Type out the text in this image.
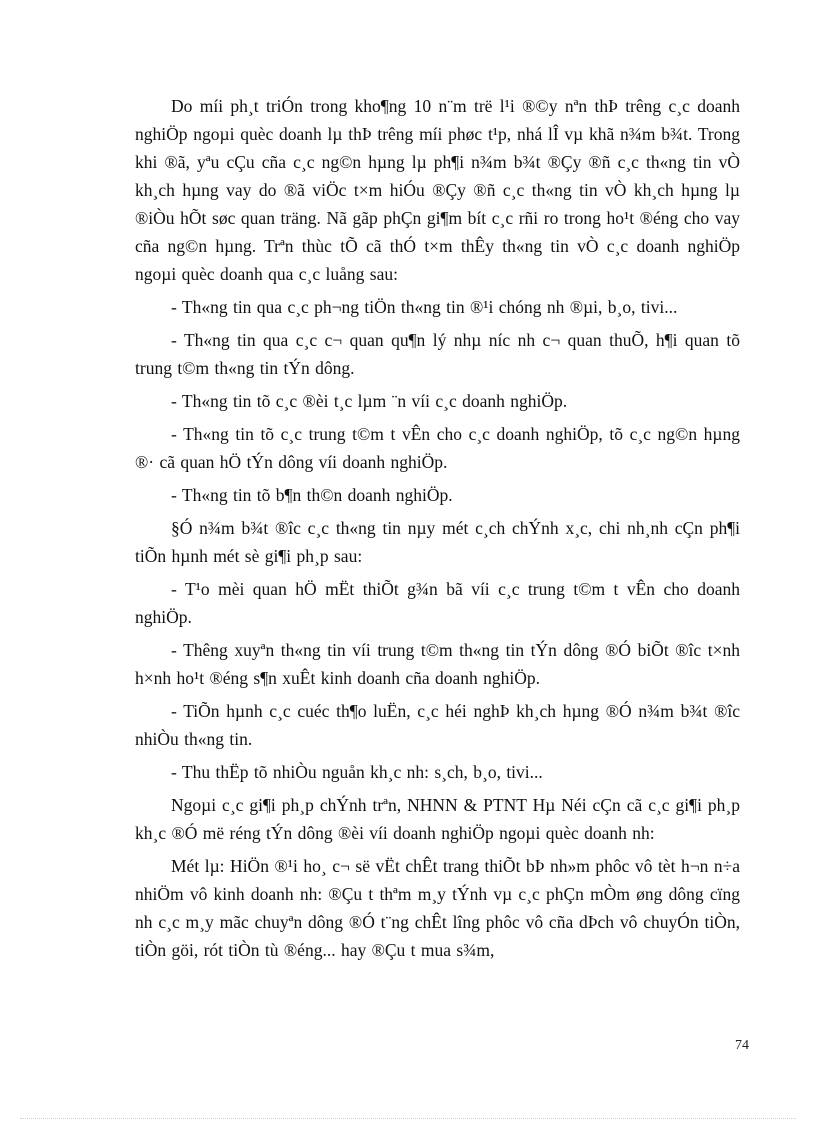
Do míi ph¸t triÓn trong kho¶ng 10 n¨m trë l¹i ®©y nªn thÞ trêng c¸c doanh nghiÖp ngoµi quèc doanh lµ thÞ trêng míi phøc t¹p, nhá lÎ vµ khã n¾m b¾t. Trong khi ®ã, yªu cÇu cña c¸c ng©n hµng lµ ph¶i n¾m b¾t ®Çy ®ñ c¸c th«ng tin vÒ kh¸ch hµng vay do ®ã viÖc t×m hiÓu ®Çy ®ñ c¸c th«ng tin vÒ kh¸ch hµng lµ ®iÒu hÕt søc quan träng. Nã gãp phÇn gi¶m bít c¸c rñi ro trong ho¹t ®éng cho vay cña ng©n hµng. Trªn thùc tÕ cã thÓ t×m thÊy th«ng tin vÒ c¸c doanh nghiÖp ngoµi quèc doanh qua c¸c luång sau:

- Th«ng tin qua c¸c ph¬ng tiÖn th«ng tin ®¹i chóng nh ®µi, b¸o, tivi...

- Th«ng tin qua c¸c c¬ quan qu¶n lý nhµ níc nh c¬ quan thuÕ, h¶i quan tõ trung t©m th«ng tin tÝn dông.

- Th«ng tin tõ c¸c ®èi t¸c lµm ¨n víi c¸c doanh nghiÖp.

- Th«ng tin tõ c¸c trung t©m t vÊn cho c¸c doanh nghiÖp, tõ c¸c ng©n hµng ®· cã quan hÖ tÝn dông víi doanh nghiÖp.

- Th«ng tin tõ b¶n th©n doanh nghiÖp.

§Ó n¾m b¾t ®îc c¸c th«ng tin nµy mét c¸ch chÝnh x¸c, chi nh¸nh cÇn ph¶i tiÕn hµnh mét sè gi¶i ph¸p sau:

- T¹o mèi quan hÖ mËt thiÕt g¾n bã víi c¸c trung t©m t vÊn cho doanh nghiÖp.

- Thêng xuyªn th«ng tin víi trung t©m th«ng tin tÝn dông ®Ó biÕt ®îc t×nh h×nh ho¹t ®éng s¶n xuÊt kinh doanh cña doanh nghiÖp.

- TiÕn hµnh c¸c cuéc th¶o luËn, c¸c héi nghÞ kh¸ch hµng ®Ó n¾m b¾t ®îc nhiÒu th«ng tin.

- Thu thËp tõ nhiÒu nguån kh¸c nh: s¸ch, b¸o, tivi...

Ngoµi c¸c gi¶i ph¸p chÝnh trªn, NHNN & PTNT Hµ Néi cÇn cã c¸c gi¶i ph¸p kh¸c ®Ó më réng tÝn dông ®èi víi doanh nghiÖp ngoµi quèc doanh nh:

Mét lµ: HiÖn ®¹i ho¸ c¬ së vËt chÊt trang thiÕt bÞ nh»m phôc vô tèt h¬n n÷a nhiÖm vô kinh doanh nh: ®Çu t thªm m¸y tÝnh vµ c¸c phÇn mÒm øng dông cïng nh c¸c m¸y mãc chuyªn dông ®Ó t¨ng chÊt lîng phôc vô cña dÞch vô chuyÓn tiÒn, tiÒn göi, rót tiÒn tù ®éng... hay ®Çu t mua s¾m,

74
